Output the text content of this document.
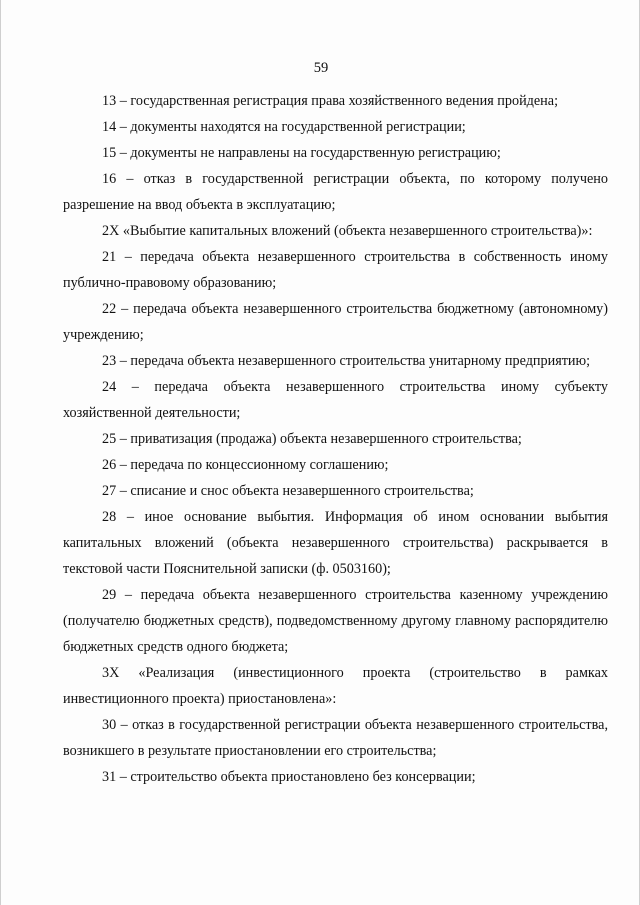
59

13 – государственная регистрация права хозяйственного ведения пройдена;

14 – документы находятся на государственной регистрации;

15 – документы не направлены на государственную регистрацию;

16 – отказ в государственной регистрации объекта, по которому получено разрешение на ввод объекта в эксплуатацию;

2Х «Выбытие капитальных вложений (объекта незавершенного строительства)»:

21 – передача объекта незавершенного строительства в собственность иному публично-правовому образованию;

22 – передача объекта незавершенного строительства бюджетному (автономному) учреждению;

23 – передача объекта незавершенного строительства унитарному предприятию;

24 – передача объекта незавершенного строительства иному субъекту хозяйственной деятельности;

25 – приватизация (продажа) объекта незавершенного строительства;

26 – передача по концессионному соглашению;

27 – списание и снос объекта незавершенного строительства;

28 – иное основание выбытия. Информация об ином основании выбытия капитальных вложений (объекта незавершенного строительства) раскрывается в текстовой части Пояснительной записки (ф. 0503160);

29 – передача объекта незавершенного строительства казенному учреждению (получателю бюджетных средств), подведомственному другому главному распорядителю бюджетных средств одного бюджета;

3Х «Реализация (инвестиционного проекта (строительство в рамках инвестиционного проекта) приостановлена»:

30 – отказ в государственной регистрации объекта незавершенного строительства, возникшего в результате приостановлении его строительства;

31 – строительство объекта приостановлено без консервации;
